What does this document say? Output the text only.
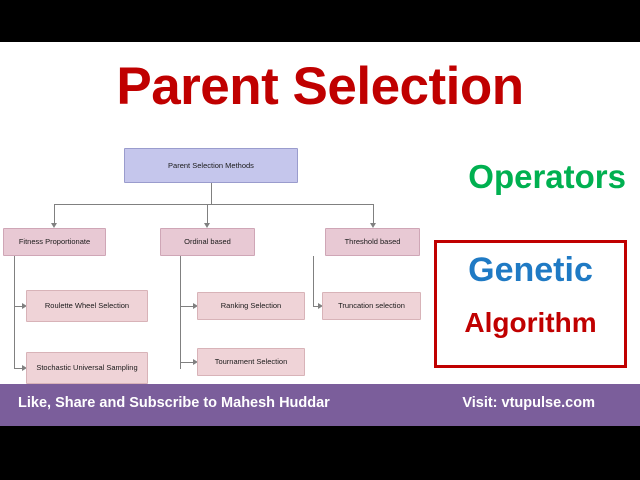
Parent Selection
Operators
Genetic
Algorithm
Parent Selection Methods
Fitness Proportionate	Ordinal based	Threshold based
Roulette Wheel Selection
Stochastic Universal Sampling
Ranking Selection
Tournament Selection
Truncation selection
Like, Share and Subscribe to Mahesh Huddar	Visit: vtupulse.com
